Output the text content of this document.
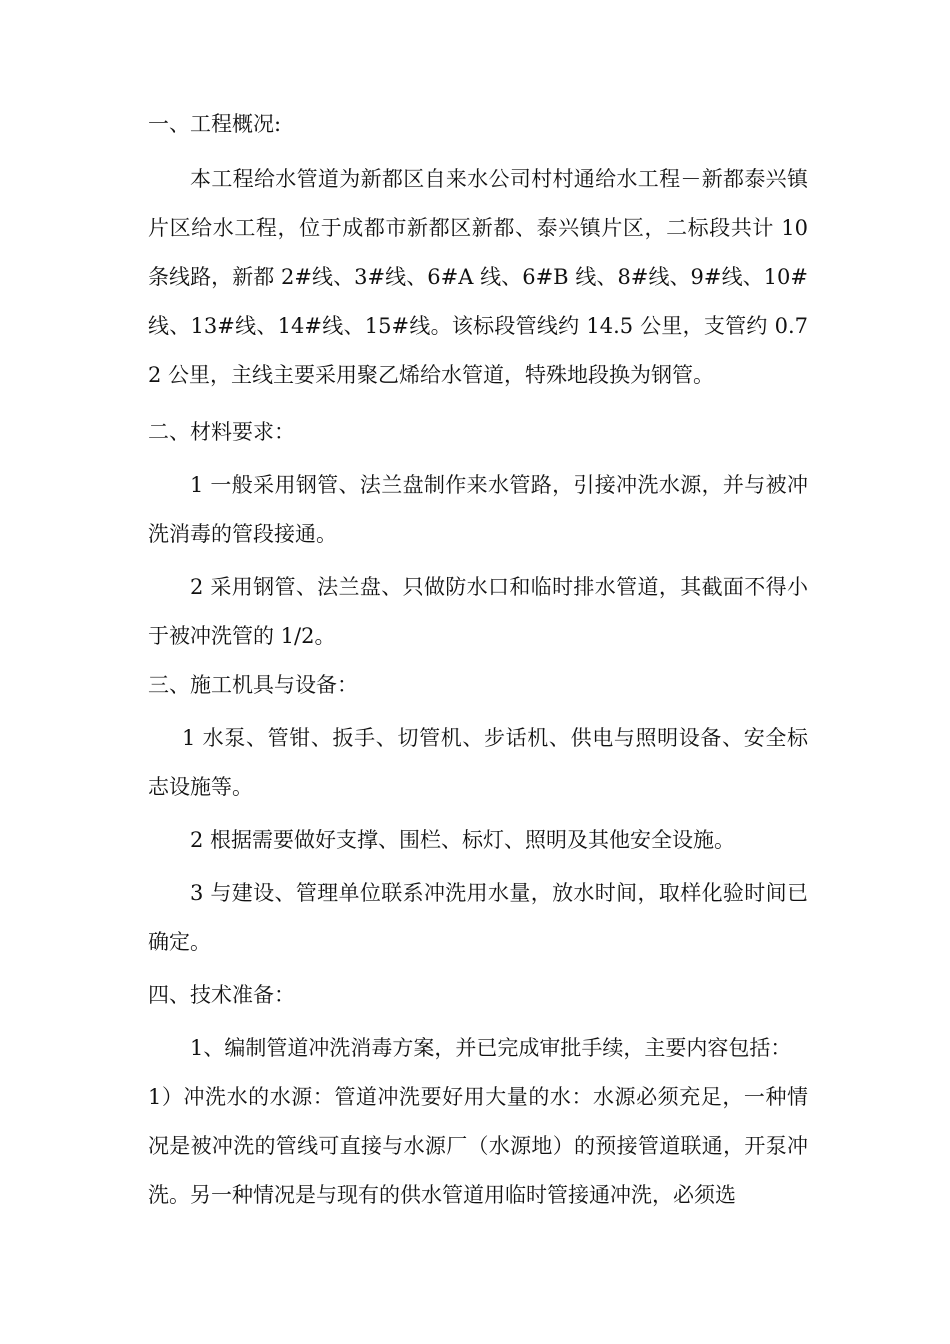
一、工程概况:

本工程给水管道为新都区自来水公司村村通给水工程－新都泰兴镇片区给水工程，位于成都市新都区新都、泰兴镇片区，二标段共计 10 条线路，新都 2#线、3#线、6#A 线、6#B 线、8#线、9#线、10#线、13#线、14#线、15#线。该标段管线约 14.5 公里，支管约 0.72 公里，主线主要采用聚乙烯给水管道，特殊地段换为钢管。

二、材料要求：

1 一般采用钢管、法兰盘制作来水管路，引接冲洗水源，并与被冲洗消毒的管段接通。

2 采用钢管、法兰盘、只做防水口和临时排水管道，其截面不得小于被冲洗管的 1/2。

三、施工机具与设备：

1 水泵、管钳、扳手、切管机、步话机、供电与照明设备、安全标志设施等。

2 根据需要做好支撑、围栏、标灯、照明及其他安全设施。

3 与建设、管理单位联系冲洗用水量，放水时间，取样化验时间已确定。

四、技术准备：

1、编制管道冲洗消毒方案，并已完成审批手续，主要内容包括：

1）冲洗水的水源：管道冲洗要好用大量的水：水源必须充足，一种情况是被冲洗的管线可直接与水源厂（水源地）的预接管道联通，开泵冲洗。另一种情况是与现有的供水管道用临时管接通冲洗，必须选
